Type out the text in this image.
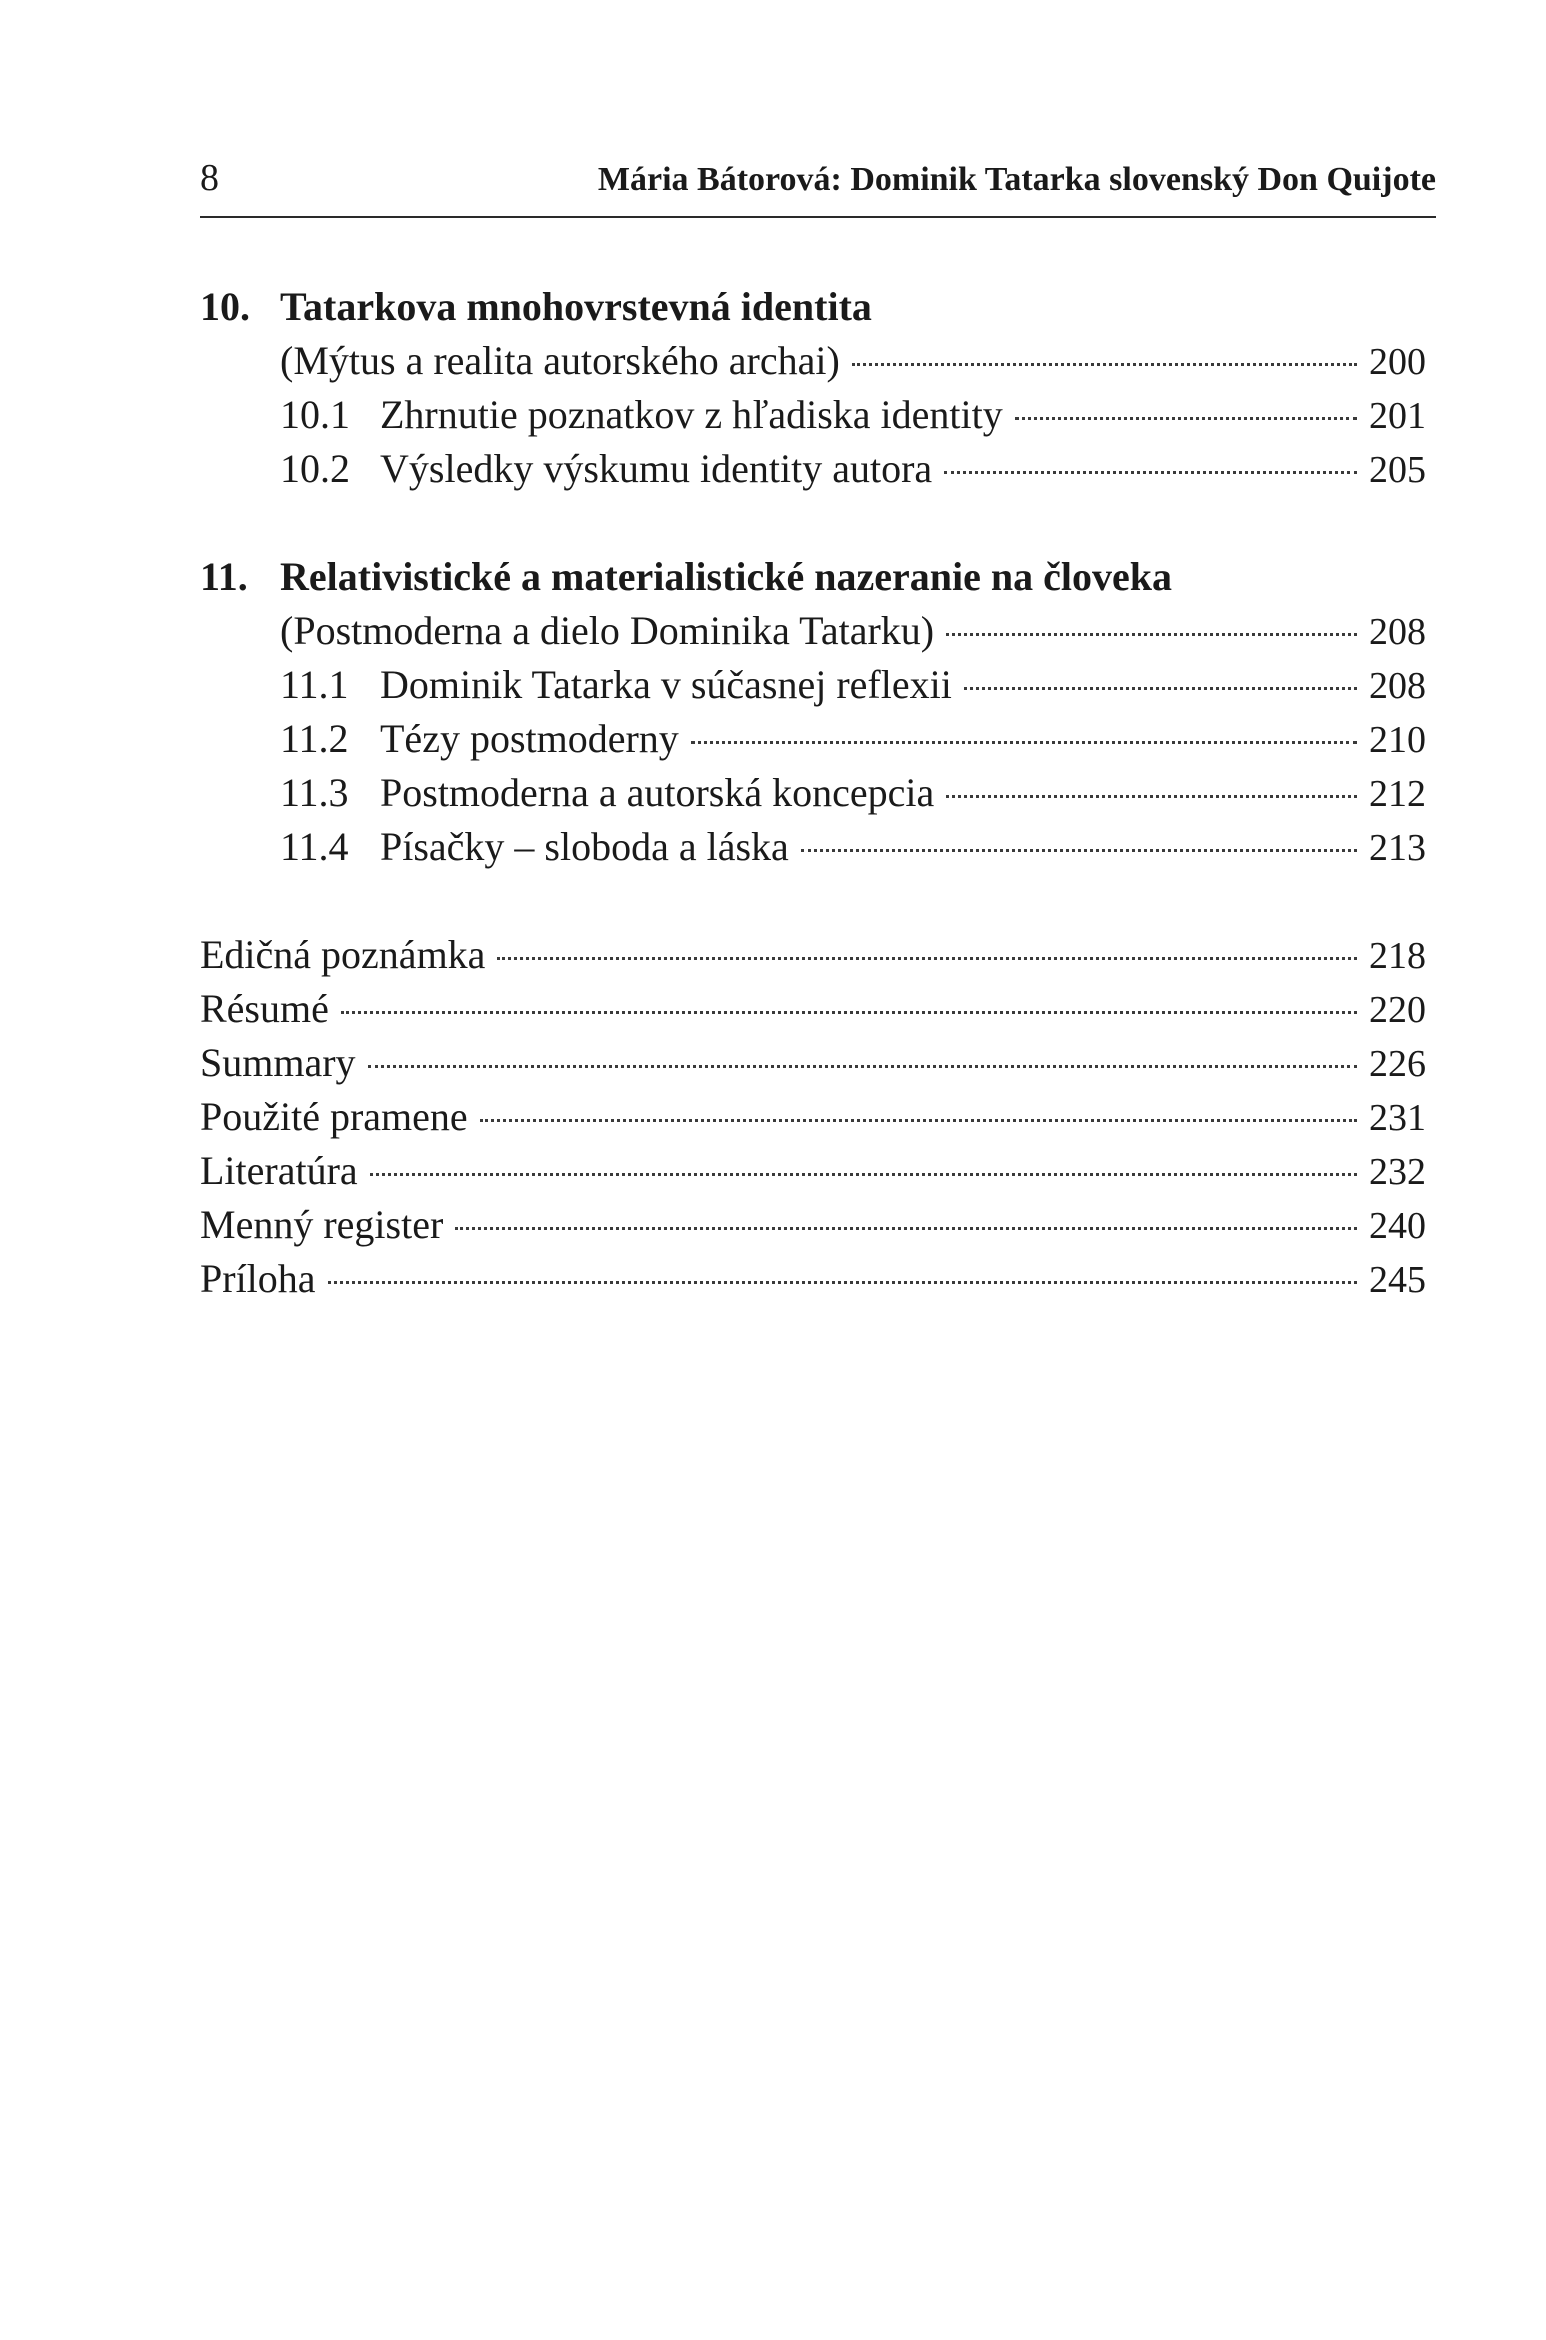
8	Mária Bátorová: Dominik Tatarka slovenský Don Quijote
10. Tatarkova mnohovrstevná identita
(Mýtus a realita autorského archai)	200
10.1 Zhrnutie poznatkov z hľadiska identity	201
10.2 Výsledky výskumu identity autora	205
11. Relativistické a materialistické nazeranie na človeka
(Postmoderna a dielo Dominika Tatarku)	208
11.1 Dominik Tatarka v súčasnej reflexii	208
11.2 Tézy postmoderny	210
11.3 Postmoderna a autorská koncepcia	212
11.4 Písačky – sloboda a láska	213
Edičná poznámka	218
Résumé	220
Summary	226
Použité pramene	231
Literatúra	232
Menný register	240
Príloha	245
